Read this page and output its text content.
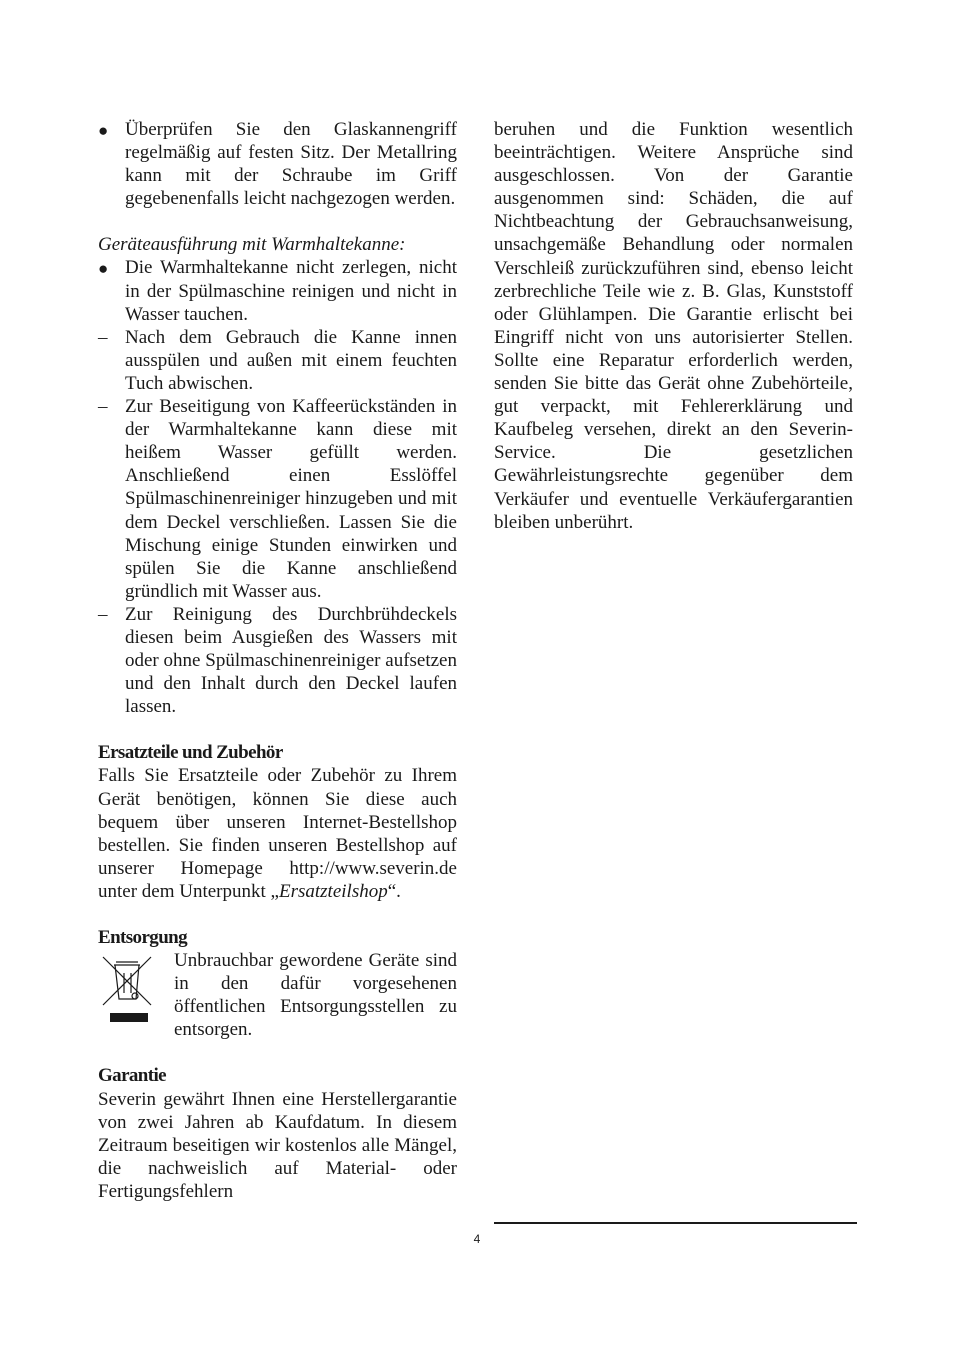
● Überprüfen Sie den Glaskannengriff regelmäßig auf festen Sitz. Der Metallring kann mit der Schraube im Griff gegebenenfalls leicht nachgezogen werden.

Geräteausführung mit Warmhaltekanne:

● Die Warmhaltekanne nicht zerlegen, nicht in der Spülmaschine reinigen und nicht in Wasser tauchen.

– Nach dem Gebrauch die Kanne innen ausspülen und außen mit einem feuchten Tuch abwischen.

– Zur Beseitigung von Kaffeerückständen in der Warmhaltekanne kann diese mit heißem Wasser gefüllt werden. Anschließend einen Esslöffel Spülmaschinenreiniger hinzugeben und mit dem Deckel verschließen. Lassen Sie die Mischung einige Stunden einwirken und spülen Sie die Kanne anschließend gründlich mit Wasser aus.

– Zur Reinigung des Durchbrühdeckels diesen beim Ausgießen des Wassers mit oder ohne Spülmaschinenreiniger aufsetzen und den Inhalt durch den Deckel laufen lassen.

Ersatzteile und Zubehör

Falls Sie Ersatzteile oder Zubehör zu Ihrem Gerät benötigen, können Sie diese auch bequem über unseren Internet-Bestellshop bestellen. Sie finden unseren Bestellshop auf unserer Homepage http://www.severin.de unter dem Unterpunkt „Ersatzteilshop“.

Entsorgung

Unbrauchbar gewordene Geräte sind in den dafür vorgesehenen öffentlichen Entsorgungsstellen zu entsorgen.

Garantie

Severin gewährt Ihnen eine Herstellergarantie von zwei Jahren ab Kaufdatum. In diesem Zeitraum beseitigen wir kostenlos alle Mängel, die nachweislich auf Material- oder Fertigungsfehlern

beruhen und die Funktion wesentlich beeinträchtigen. Weitere Ansprüche sind ausgeschlossen. Von der Garantie ausgenommen sind: Schäden, die auf Nichtbeachtung der Gebrauchsanweisung, unsachgemäße Behandlung oder normalen Verschleiß zurückzuführen sind, ebenso leicht zerbrechliche Teile wie z. B. Glas, Kunststoff oder Glühlampen. Die Garantie erlischt bei Eingriff nicht von uns autorisierter Stellen. Sollte eine Reparatur erforderlich werden, senden Sie bitte das Gerät ohne Zubehörteile, gut verpackt, mit Fehlererklärung und Kaufbeleg versehen, direkt an den Severin-Service. Die gesetzlichen Gewährleistungsrechte gegenüber dem Verkäufer und eventuelle Verkäufergarantien bleiben unberührt.

4
